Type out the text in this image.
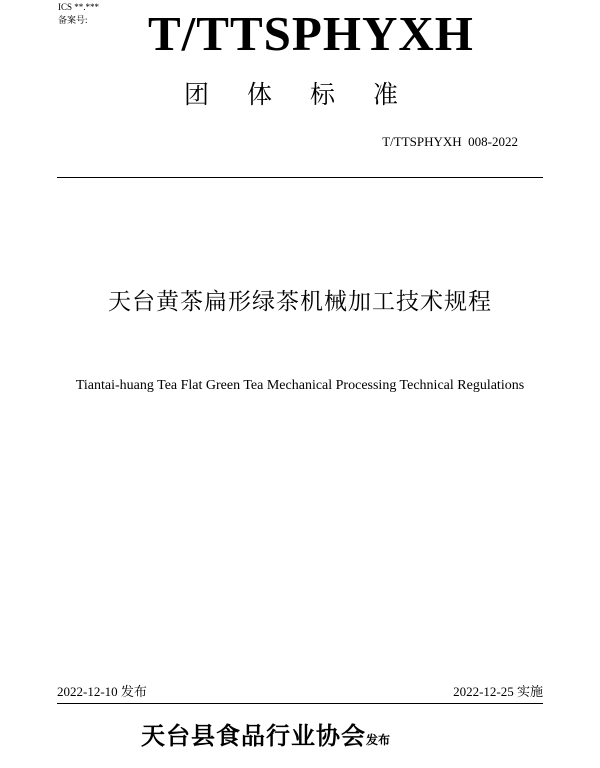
ICS **.***
备案号: T/TTSPHYXH
团体标准
T/TTSPHYXH  008-2022
天台黄茶扁形绿茶机械加工技术规程
Tiantai-huang Tea Flat Green Tea Mechanical Processing Technical Regulations
2022-12-10 发布	2022-12-25 实施
天台县食品行业协会发布
